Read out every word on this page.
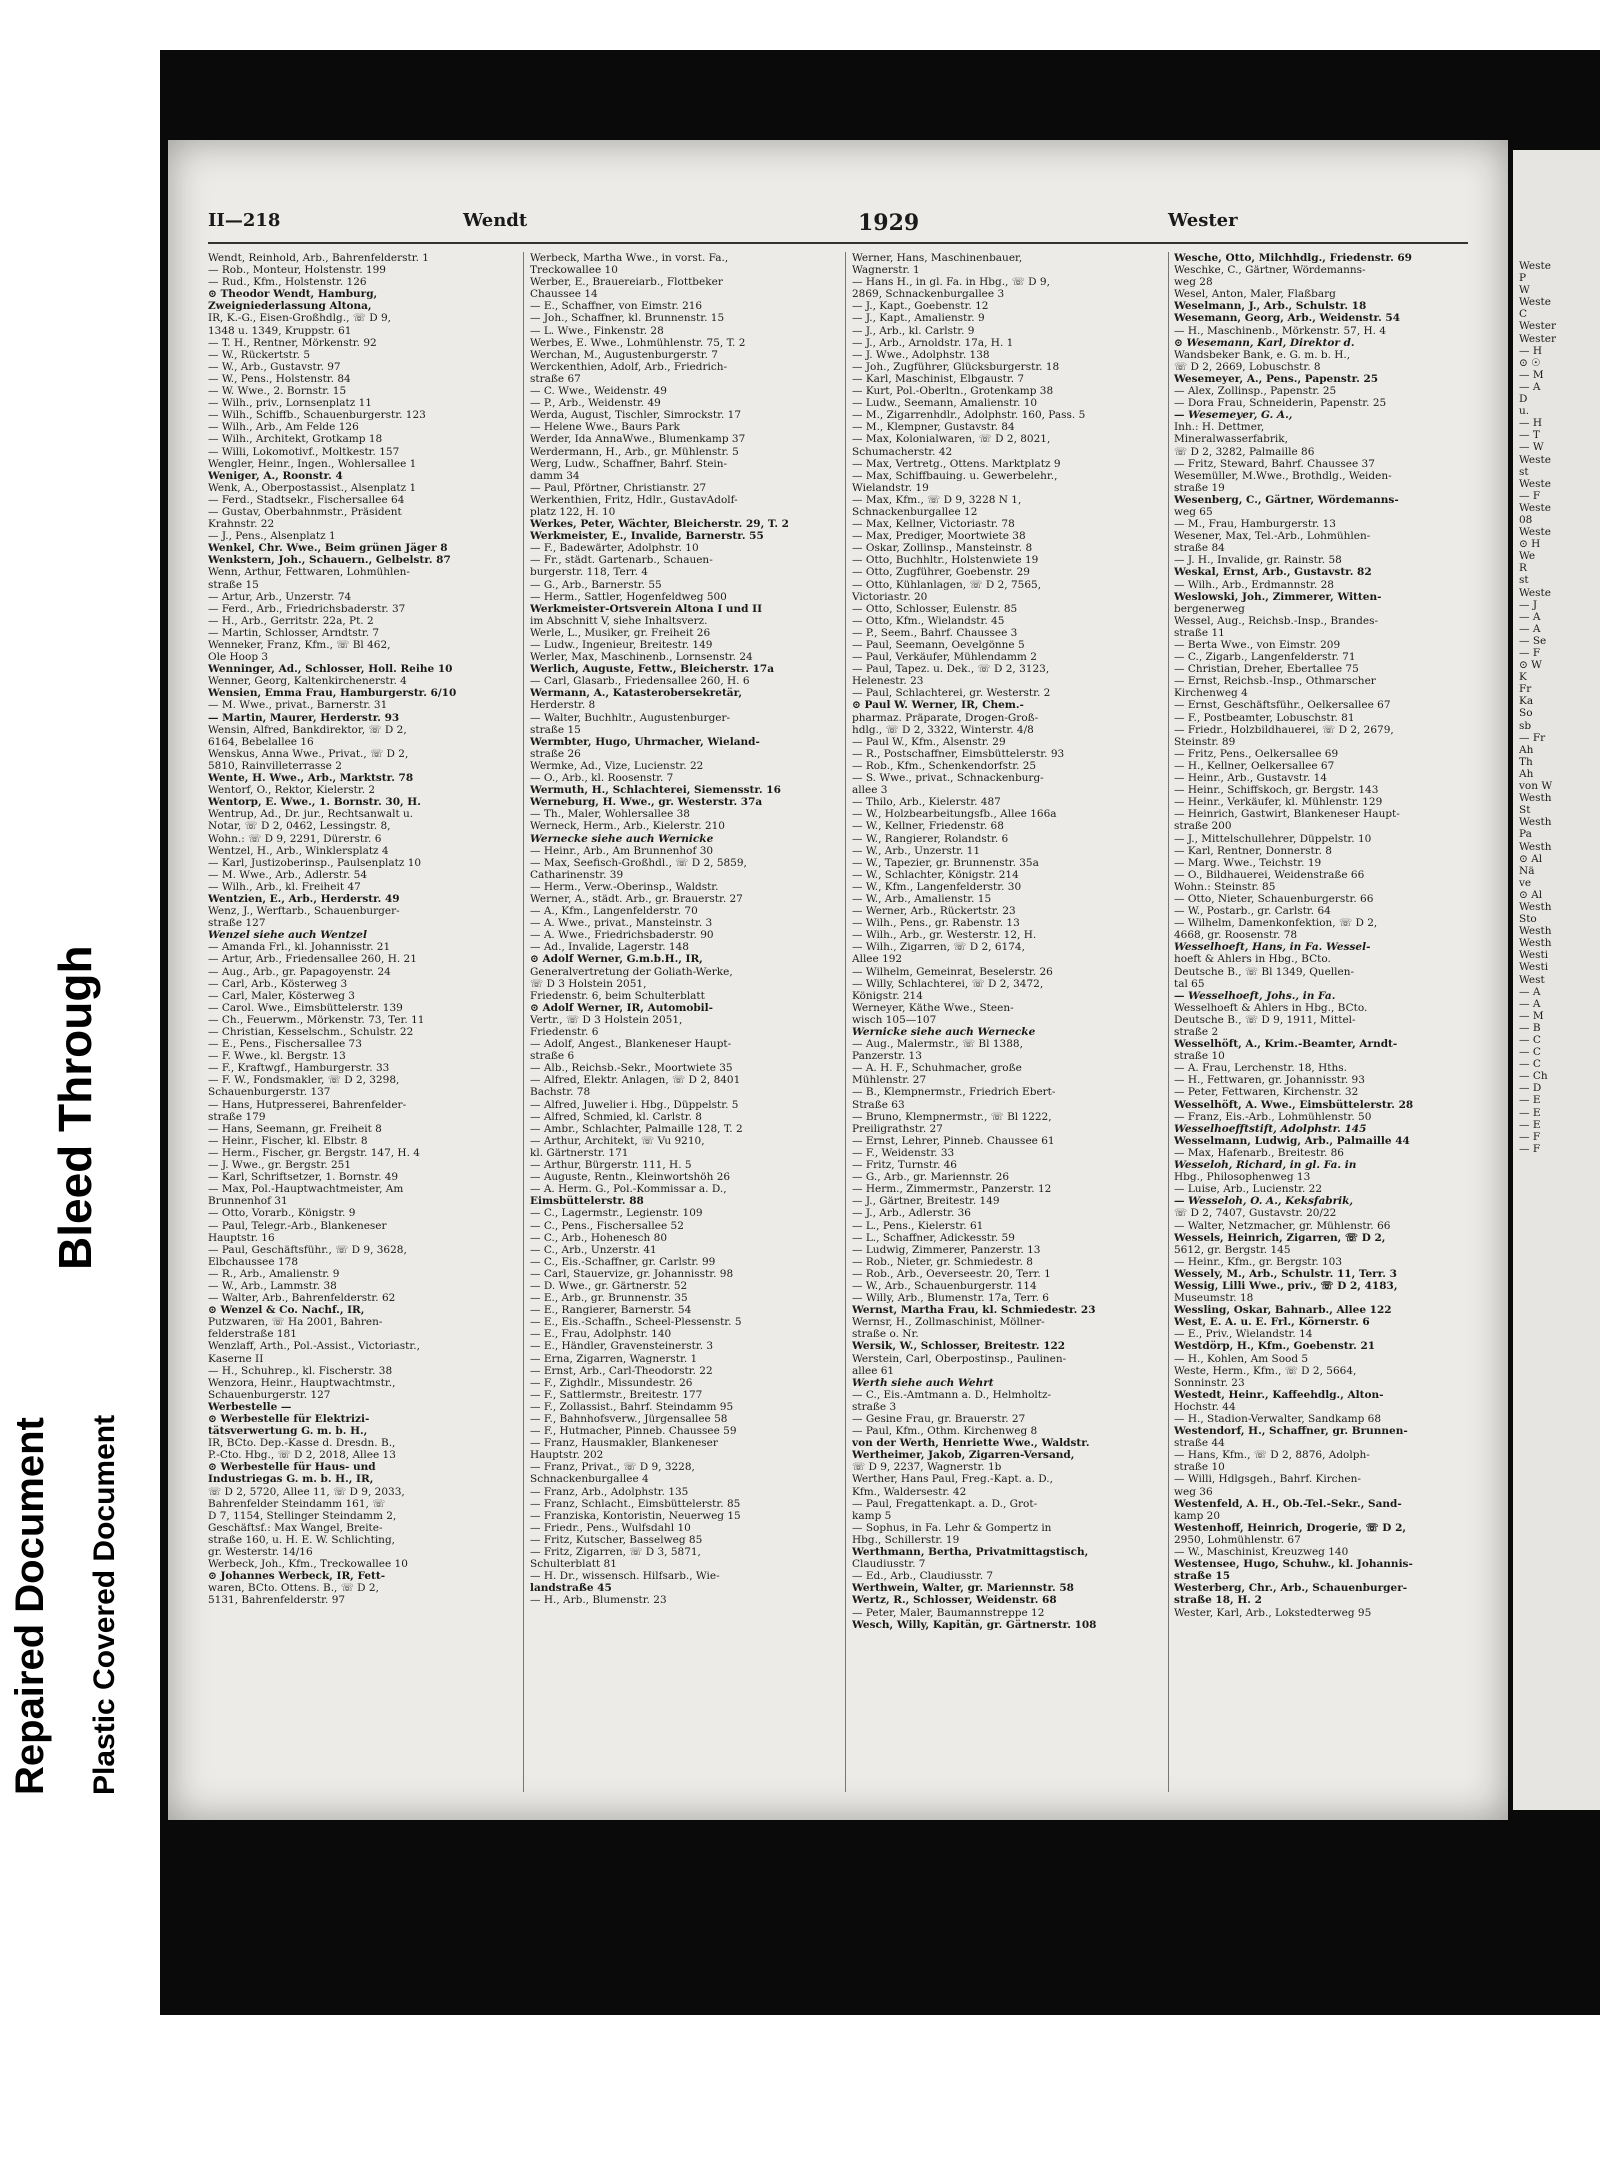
Repaired Document Plastic Covered Document
Bleed Through
II—218	Wendt	1929	Wester
Wendt, Reinhold, Arb., Bahrenfelderstr. 1
— Rob., Monteur, Holstenstr. 199
— Rud., Kfm., Holstenstr. 126
⊙ Theodor Wendt, Hamburg,
Zweigniederlassung Altona,
IR, K.-G., Eisen-Großhdlg., ☏ D 9,
1348 u. 1349, Kruppstr. 61
— T. H., Rentner, Mörkenstr. 92
— W., Rückertstr. 5
— W., Arb., Gustavstr. 97
— W., Pens., Holstenstr. 84
— W. Wwe., 2. Bornstr. 15
— Wilh., priv., Lornsenplatz 11
— Wilh., Schiffb., Schauenburgerstr. 123
— Wilh., Arb., Am Felde 126
— Wilh., Architekt, Grotkamp 18
— Willi, Lokomotivf., Moltkestr. 157
Wengler, Heinr., Ingen., Wohlersallee 1
Weniger, A., Roonstr. 4
Wenk, A., Oberpostassist., Alsenplatz 1
— Ferd., Stadtsekr., Fischersallee 64
— Gustav, Oberbahnmstr., Präsident
Krahnstr. 22
— J., Pens., Alsenplatz 1
Wenkel, Chr. Wwe., Beim grünen Jäger 8
Wenkstern, Joh., Schauern., Gelbelstr. 87
Wenn, Arthur, Fettwaren, Lohmühlen-
straße 15
— Artur, Arb., Unzerstr. 74
— Ferd., Arb., Friedrichsbaderstr. 37
— H., Arb., Gerritstr. 22a, Pt. 2
— Martin, Schlosser, Arndtstr. 7
Wenneker, Franz, Kfm., ☏ Bl 462,
Ole Hoop 3
Wenninger, Ad., Schlosser, Holl. Reihe 10
Wenner, Georg, Kaltenkirchenerstr. 4
Wensien, Emma Frau, Hamburgerstr. 6/10
— M. Wwe., privat., Barnerstr. 31
— Martin, Maurer, Herderstr. 93
Wensin, Alfred, Bankdirektor, ☏ D 2,
6164, Bebelallee 16
Wenskus, Anna Wwe., Privat., ☏ D 2,
5810, Rainvilleterrasse 2
Wente, H. Wwe., Arb., Marktstr. 78
Wentorf, O., Rektor, Kielerstr. 2
Wentorp, E. Wwe., 1. Bornstr. 30, H.
Wentrup, Ad., Dr. jur., Rechtsanwalt u.
Notar, ☏ D 2, 0462, Lessingstr. 8,
Wohn.: ☏ D 9, 2291, Dürerstr. 6
Wentzel, H., Arb., Winklersplatz 4
— Karl, Justizoberinsp., Paulsenplatz 10
— M. Wwe., Arb., Adlerstr. 54
— Wilh., Arb., kl. Freiheit 47
Wentzien, E., Arb., Herderstr. 49
Wenz, J., Werftarb., Schauenburger-
straße 127
Wenzel siehe auch Wentzel
— Amanda Frl., kl. Johannisstr. 21
— Artur, Arb., Friedensallee 260, H. 21
— Aug., Arb., gr. Papagoyenstr. 24
— Carl, Arb., Kösterweg 3
— Carl, Maler, Kösterweg 3
— Carol. Wwe., Eimsbüttelerstr. 139
— Ch., Feuerwm., Mörkenstr. 73, Ter. 11
— Christian, Kesselschm., Schulstr. 22
— E., Pens., Fischersallee 73
— F. Wwe., kl. Bergstr. 13
— F., Kraftwgf., Hamburgerstr. 33
— F. W., Fondsmakler, ☏ D 2, 3298,
Schauenburgerstr. 137
— Hans, Hutpresserei, Bahrenfelder-
straße 179
— Hans, Seemann, gr. Freiheit 8
— Heinr., Fischer, kl. Elbstr. 8
— Herm., Fischer, gr. Bergstr. 147, H. 4
— J. Wwe., gr. Bergstr. 251
— Karl, Schriftsetzer, 1. Bornstr. 49
— Max, Pol.-Hauptwachtmeister, Am
Brunnenhof 31
— Otto, Vorarb., Königstr. 9
— Paul, Telegr.-Arb., Blankeneser
Hauptstr. 16
— Paul, Geschäftsführ., ☏ D 9, 3628,
Elbchaussee 178
— R., Arb., Amalienstr. 9
— W., Arb., Lammstr. 38
— Walter, Arb., Bahrenfelderstr. 62
⊙ Wenzel & Co. Nachf., IR,
Putzwaren, ☏ Ha 2001, Bahren-
felderstraße 181
Wenzlaff, Arth., Pol.-Assist., Victoriastr.,
Kaserne II
— H., Schuhrep., kl. Fischerstr. 38
Wenzora, Heinr., Hauptwachtmstr.,
Schauenburgerstr. 127
Werbestelle —
⊙ Werbestelle für Elektrizi-
tätsverwertung G. m. b. H.,
IR, BCto. Dep.-Kasse d. Dresdn. B.,
P.-Cto. Hbg., ☏ D 2, 2018, Allee 13
⊙ Werbestelle für Haus- und
Industriegas G. m. b. H., IR,
☏ D 2, 5720, Allee 11, ☏ D 9, 2033,
Bahrenfelder Steindamm 161, ☏
D 7, 1154, Stellinger Steindamm 2,
Geschäftsf.: Max Wangel, Breite-
straße 160, u. H. E. W. Schlichting,
gr. Westerstr. 14/16
Werbeck, Joh., Kfm., Treckowallee 10
⊙ Johannes Werbeck, IR, Fett-
waren, BCto. Ottens. B., ☏ D 2,
5131, Bahrenfelderstr. 97
Werbeck, Martha Wwe., in vorst. Fa.,
Treckowallee 10
Werber, E., Brauereiarb., Flottbeker
Chaussee 14
— E., Schaffner, von Eimstr. 216
— Joh., Schaffner, kl. Brunnenstr. 15
— L. Wwe., Finkenstr. 28
Werbes, E. Wwe., Lohmühlenstr. 75, T. 2
Werchan, M., Augustenburgerstr. 7
Werckenthien, Adolf, Arb., Friedrich-
straße 67
— C. Wwe., Weidenstr. 49
— P., Arb., Weidenstr. 49
Werda, August, Tischler, Simrockstr. 17
— Helene Wwe., Baurs Park
Werder, Ida AnnaWwe., Blumenkamp 37
Werdermann, H., Arb., gr. Mühlenstr. 5
Werg, Ludw., Schaffner, Bahrf. Stein-
damm 34
— Paul, Pförtner, Christianstr. 27
Werkenthien, Fritz, Hdlr., GustavAdolf-
platz 122, H. 10
Werkes, Peter, Wächter, Bleicherstr. 29, T. 2
Werkmeister, E., Invalide, Barnerstr. 55
— F., Badewärter, Adolphstr. 10
— Fr., städt. Gartenarb., Schauen-
burgerstr. 118, Terr. 4
— G., Arb., Barnerstr. 55
— Herm., Sattler, Hogenfeldweg 500
Werkmeister-Ortsverein Altona I und II
im Abschnitt V, siehe Inhaltsverz.
Werle, L., Musiker, gr. Freiheit 26
— Ludw., Ingenieur, Breitestr. 149
Werler, Max, Maschinenb., Lornsenstr. 24
Werlich, Auguste, Fettw., Bleicherstr. 17a
— Carl, Glasarb., Friedensallee 260, H. 6
Wermann, A., Katasterobersekretär,
Herderstr. 8
— Walter, Buchhltr., Augustenburger-
straße 15
Wermbter, Hugo, Uhrmacher, Wieland-
straße 26
Wermke, Ad., Vize, Lucienstr. 22
— O., Arb., kl. Roosenstr. 7
Wermuth, H., Schlachterei, Siemensstr. 16
Werneburg, H. Wwe., gr. Westerstr. 37a
— Th., Maler, Wohlersallee 38
Werneck, Herm., Arb., Kielerstr. 210
Wernecke siehe auch Wernicke
— Heinr., Arb., Am Brunnenhof 30
— Max, Seefisch-Großhdl., ☏ D 2, 5859,
Catharinenstr. 39
— Herm., Verw.-Oberinsp., Waldstr.
Werner, A., städt. Arb., gr. Brauerstr. 27
— A., Kfm., Langenfelderstr. 70
— A. Wwe., privat., Mansteinstr. 3
— A. Wwe., Friedrichsbaderstr. 90
— Ad., Invalide, Lagerstr. 148
⊙ Adolf Werner, G.m.b.H., IR,
Generalvertretung der Goliath-Werke,
☏ D 3 Holstein 2051,
Friedenstr. 6, beim Schulterblatt
⊙ Adolf Werner, IR, Automobil-
Vertr., ☏ D 3 Holstein 2051,
Friedenstr. 6
— Adolf, Angest., Blankeneser Haupt-
straße 6
— Alb., Reichsb.-Sekr., Moortwiete 35
— Alfred, Elektr. Anlagen, ☏ D 2, 8401
Bachstr. 78
— Alfred, Juwelier i. Hbg., Düppelstr. 5
— Alfred, Schmied, kl. Carlstr. 8
— Ambr., Schlachter, Palmaille 128, T. 2
— Arthur, Architekt, ☏ Vu 9210,
kl. Gärtnerstr. 171
— Arthur, Bürgerstr. 111, H. 5
— Auguste, Rentn., Kleinwortshöh 26
— A. Herm. G., Pol.-Kommissar a. D.,
Eimsbüttelerstr. 88
— C., Lagermstr., Legienstr. 109
— C., Pens., Fischersallee 52
— C., Arb., Hohenesch 80
— C., Arb., Unzerstr. 41
— C., Eis.-Schaffner, gr. Carlstr. 99
— Carl, Stauervize, gr. Johannisstr. 98
— D. Wwe., gr. Gärtnerstr. 52
— E., Arb., gr. Brunnenstr. 35
— E., Rangierer, Barnerstr. 54
— E., Eis.-Schaffn., Scheel-Plessenstr. 5
— E., Frau, Adolphstr. 140
— E., Händler, Gravensteinerstr. 3
— Erna, Zigarren, Wagnerstr. 1
— Ernst, Arb., Carl-Theodorstr. 22
— F., Zighdlr., Missundestr. 26
— F., Sattlermstr., Breitestr. 177
— F., Zollassist., Bahrf. Steindamm 95
— F., Bahnhofsverw., Jürgensallee 58
— F., Hutmacher, Pinneb. Chaussee 59
— Franz, Hausmakler, Blankeneser
Hauptstr. 202
— Franz, Privat., ☏ D 9, 3228,
Schnackenburgallee 4
— Franz, Arb., Adolphstr. 135
— Franz, Schlacht., Eimsbüttelerstr. 85
— Franziska, Kontoristin, Neuerweg 15
— Friedr., Pens., Wulfsdahl 10
— Fritz, Kutscher, Basselweg 85
— Fritz, Zigarren, ☏ D 3, 5871,
Schulterblatt 81
— H. Dr., wissensch. Hilfsarb., Wie-
landstraße 45
— H., Arb., Blumenstr. 23
Werner, Hans, Maschinenbauer,
Wagnerstr. 1
— Hans H., in gl. Fa. in Hbg., ☏ D 9,
2869, Schnackenburgallee 3
— J., Kapt., Goebenstr. 12
— J., Kapt., Amalienstr. 9
— J., Arb., kl. Carlstr. 9
— J., Arb., Arnoldstr. 17a, H. 1
— J. Wwe., Adolphstr. 138
— Joh., Zugführer, Glücksburgerstr. 18
— Karl, Maschinist, Elbgaustr. 7
— Kurt, Pol.-Oberltn., Grotenkamp 38
— Ludw., Seemann, Amalienstr. 10
— M., Zigarrenhdlr., Adolphstr. 160, Pass. 5
— M., Klempner, Gustavstr. 84
— Max, Kolonialwaren, ☏ D 2, 8021,
Schumacherstr. 42
— Max, Vertretg., Ottens. Marktplatz 9
— Max, Schiffbauing. u. Gewerbelehr.,
Wielandstr. 19
— Max, Kfm., ☏ D 9, 3228 N 1,
Schnackenburgallee 12
— Max, Kellner, Victoriastr. 78
— Max, Prediger, Moortwiete 38
— Oskar, Zollinsp., Mansteinstr. 8
— Otto, Buchhltr., Holstenwiete 19
— Otto, Zugführer, Goebenstr. 29
— Otto, Kühlanlagen, ☏ D 2, 7565,
Victoriastr. 20
— Otto, Schlosser, Eulenstr. 85
— Otto, Kfm., Wielandstr. 45
— P., Seem., Bahrf. Chaussee 3
— Paul, Seemann, Oevelgönne 5
— Paul, Verkäufer, Mühlendamm 2
— Paul, Tapez. u. Dek., ☏ D 2, 3123,
Helenestr. 23
— Paul, Schlachterei, gr. Westerstr. 2
⊙ Paul W. Werner, IR, Chem.-
pharmaz. Präparate, Drogen-Groß-
hdlg., ☏ D 2, 3322, Winterstr. 4/8
— Paul W., Kfm., Alsenstr. 29
— R., Postschaffner, Eimsbüttelerstr. 93
— Rob., Kfm., Schenkendorfstr. 25
— S. Wwe., privat., Schnackenburg-
allee 3
— Thilo, Arb., Kielerstr. 487
— W., Holzbearbeitungsfb., Allee 166a
— W., Kellner, Friedenstr. 68
— W., Rangierer, Rolandstr. 6
— W., Arb., Unzerstr. 11
— W., Tapezier, gr. Brunnenstr. 35a
— W., Schlachter, Königstr. 214
— W., Kfm., Langenfelderstr. 30
— W., Arb., Amalienstr. 15
— Werner, Arb., Rückertstr. 23
— Wilh., Pens., gr. Rabenstr. 13
— Wilh., Arb., gr. Westerstr. 12, H.
— Wilh., Zigarren, ☏ D 2, 6174,
Allee 192
— Wilhelm, Gemeinrat, Beselerstr. 26
— Willy, Schlachterei, ☏ D 2, 3472,
Königstr. 214
Werneyer, Käthe Wwe., Steen-
wisch 105—107
Wernicke siehe auch Wernecke
— Aug., Malermstr., ☏ Bl 1388,
Panzerstr. 13
— A. H. F., Schuhmacher, große
Mühlenstr. 27
— B., Klempnermstr., Friedrich Ebert-
Straße 63
— Bruno, Klempnermstr., ☏ Bl 1222,
Preiligrathstr. 27
— Ernst, Lehrer, Pinneb. Chaussee 61
— F., Weidenstr. 33
— Fritz, Turnstr. 46
— G., Arb., gr. Mariennstr. 26
— Herm., Zimmermstr., Panzerstr. 12
— J., Gärtner, Breitestr. 149
— J., Arb., Adlerstr. 36
— L., Pens., Kielerstr. 61
— L., Schaffner, Adickesstr. 59
— Ludwig, Zimmerer, Panzerstr. 13
— Rob., Nieter, gr. Schmiedestr. 8
— Rob., Arb., Oeverseestr. 20, Terr. 1
— W., Arb., Schauenburgerstr. 114
— Willy, Arb., Blumenstr. 17a, Terr. 6
Wernst, Martha Frau, kl. Schmiedestr. 23
Wernsr, H., Zollmaschinist, Möllner-
straße o. Nr.
Wersik, W., Schlosser, Breitestr. 122
Werstein, Carl, Oberpostinsp., Paulinen-
allee 61
Werth siehe auch Wehrt
— C., Eis.-Amtmann a. D., Helmholtz-
straße 3
— Gesine Frau, gr. Brauerstr. 27
— Paul, Kfm., Othm. Kirchenweg 8
von der Werth, Henriette Wwe., Waldstr.
Wertheimer, Jakob, Zigarren-Versand,
☏ D 9, 2237, Wagnerstr. 1b
Werther, Hans Paul, Freg.-Kapt. a. D.,
Kfm., Waldersestr. 42
— Paul, Fregattenkapt. a. D., Grot-
kamp 5
— Sophus, in Fa. Lehr & Gompertz in
Hbg., Schillerstr. 19
Werthmann, Bertha, Privatmittagstisch,
Claudiusstr. 7
— Ed., Arb., Claudiusstr. 7
Werthwein, Walter, gr. Mariennstr. 58
Wertz, R., Schlosser, Weidenstr. 68
— Peter, Maler, Baumannstreppe 12
Wesch, Willy, Kapitän, gr. Gärtnerstr. 108
Wesche, Otto, Milchhdlg., Friedenstr. 69
Weschke, C., Gärtner, Wördemanns-
weg 28
Wesel, Anton, Maler, Flaßbarg
Weselmann, J., Arb., Schulstr. 18
Wesemann, Georg, Arb., Weidenstr. 54
— H., Maschinenb., Mörkenstr. 57, H. 4
⊙ Wesemann, Karl, Direktor d.
Wandsbeker Bank, e. G. m. b. H.,
☏ D 2, 2669, Lobuschstr. 8
Wesemeyer, A., Pens., Papenstr. 25
— Alex, Zollinsp., Papenstr. 25
— Dora Frau, Schneiderin, Papenstr. 25
— Wesemeyer, G. A.,
Inh.: H. Dettmer,
Mineralwasserfabrik,
☏ D 2, 3282, Palmaille 86
— Fritz, Steward, Bahrf. Chaussee 37
Wesemüller, M.Wwe., Brothdlg., Weiden-
straße 19
Wesenberg, C., Gärtner, Wördemanns-
weg 65
— M., Frau, Hamburgerstr. 13
Wesener, Max, Tel.-Arb., Lohmühlen-
straße 84
— J. H., Invalide, gr. Rainstr. 58
Weskal, Ernst, Arb., Gustavstr. 82
— Wilh., Arb., Erdmannstr. 28
Weslowski, Joh., Zimmerer, Witten-
bergenerweg
Wessel, Aug., Reichsb.-Insp., Brandes-
straße 11
— Berta Wwe., von Eimstr. 209
— C., Zigarb., Langenfelderstr. 71
— Christian, Dreher, Ebertallee 75
— Ernst, Reichsb.-Insp., Othmarscher
Kirchenweg 4
— Ernst, Geschäftsführ., Oelkersallee 67
— F., Postbeamter, Lobuschstr. 81
— Friedr., Holzbildhauerei, ☏ D 2, 2679,
Steinstr. 89
— Fritz, Pens., Oelkersallee 69
— H., Kellner, Oelkersallee 67
— Heinr., Arb., Gustavstr. 14
— Heinr., Schiffskoch, gr. Bergstr. 143
— Heinr., Verkäufer, kl. Mühlenstr. 129
— Heinrich, Gastwirt, Blankeneser Haupt-
straße 200
— J., Mittelschullehrer, Düppelstr. 10
— Karl, Rentner, Donnerstr. 8
— Marg. Wwe., Teichstr. 19
— O., Bildhauerei, Weidenstraße 66
Wohn.: Steinstr. 85
— Otto, Nieter, Schauenburgerstr. 66
— W., Postarb., gr. Carlstr. 64
— Wilhelm, Damenkonfektion, ☏ D 2,
4668, gr. Roosenstr. 78
Wesselhoeft, Hans, in Fa. Wessel-
hoeft & Ahlers in Hbg., BCto.
Deutsche B., ☏ Bl 1349, Quellen-
tal 65
— Wesselhoeft, Johs., in Fa.
Wesselhoeft & Ahlers in Hbg., BCto.
Deutsche B., ☏ D 9, 1911, Mittel-
straße 2
Wesselhöft, A., Krim.-Beamter, Arndt-
straße 10
— A. Frau, Lerchenstr. 18, Hths.
— H., Fettwaren, gr. Johannisstr. 93
— Peter, Fettwaren, Kirchenstr. 32
Wesselhöft, A. Wwe., Eimsbüttelerstr. 28
— Franz, Eis.-Arb., Lohmühlenstr. 50
Wesselhoefftstift, Adolphstr. 145
Wesselmann, Ludwig, Arb., Palmaille 44
— Max, Hafenarb., Breitestr. 86
Wesseloh, Richard, in gl. Fa. in
Hbg., Philosophenweg 13
— Luise, Arb., Lucienstr. 22
— Wesseloh, O. A., Keksfabrik,
☏ D 2, 7407, Gustavstr. 20/22
— Walter, Netzmacher, gr. Mühlenstr. 66
Wessels, Heinrich, Zigarren, ☏ D 2,
5612, gr. Bergstr. 145
— Heinr., Kfm., gr. Bergstr. 103
Wessely, M., Arb., Schulstr. 11, Terr. 3
Wessig, Lilli Wwe., priv., ☏ D 2, 4183,
Museumstr. 18
Wessling, Oskar, Bahnarb., Allee 122
West, E. A. u. E. Frl., Körnerstr. 6
— E., Priv., Wielandstr. 14
Westdörp, H., Kfm., Goebenstr. 21
— H., Kohlen, Am Sood 5
Weste, Herm., Kfm., ☏ D 2, 5664,
Sonninstr. 23
Westedt, Heinr., Kaffeehdlg., Alton-
Hochstr. 44
— H., Stadion-Verwalter, Sandkamp 68
Westendorf, H., Schaffner, gr. Brunnen-
straße 44
— Hans, Kfm., ☏ D 2, 8876, Adolph-
straße 10
— Willi, Hdlgsgeh., Bahrf. Kirchen-
weg 36
Westenfeld, A. H., Ob.-Tel.-Sekr., Sand-
kamp 20
Westenhoff, Heinrich, Drogerie, ☏ D 2,
2950, Lohmühlenstr. 67
— W., Maschinist, Kreuzweg 140
Westensee, Hugo, Schuhw., kl. Johannis-
straße 15
Westerberg, Chr., Arb., Schauenburger-
straße 18, H. 2
Wester, Karl, Arb., Lokstedterweg 95
Weste
P
W
Weste
C
Wester
Wester
— H
⊙ ☉
— M
— A
D
u.
— H
— T
— W
Weste
st
Weste
— F
Weste
08
Weste
⊙ H
We
R
st
Weste
— J
— A
— A
— Se
— F
⊙ W
K
Fr
Ka
So
sb
— Fr
Ah
Th
Ah
von W
Westh
St
Westh
Pa
Westh
⊙ Al
Nä
ve
⊙ Al
Westh
Sto
Westh
Westh
Westi
Westi
West
— A
— A
— M
— B
— C
— C
— C
— Ch
— D
— E
— E
— E
— F
— F
